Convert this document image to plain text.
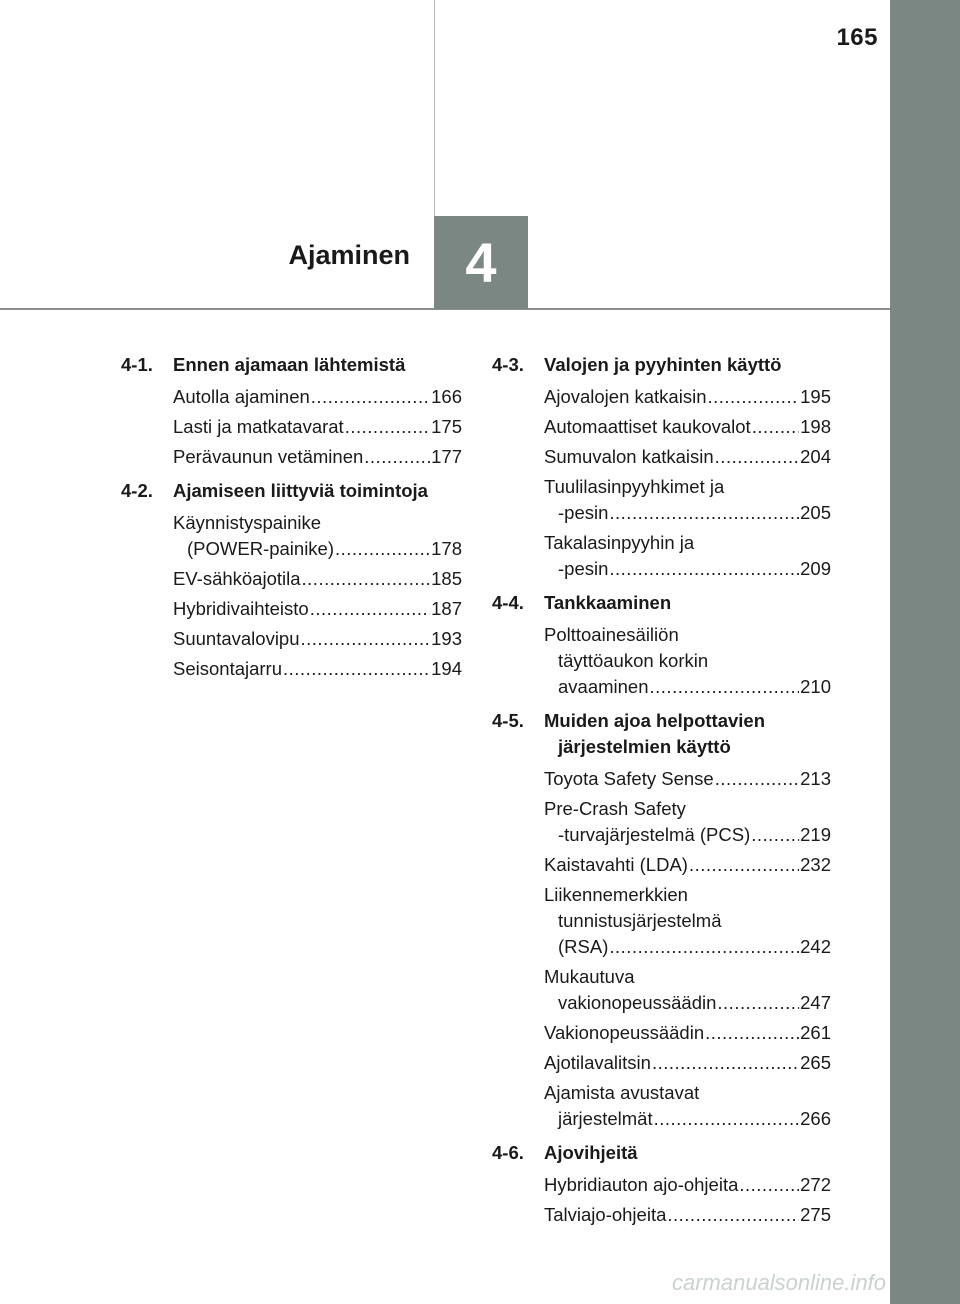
165
4
Ajaminen
4-1.	Ennen ajamaan lähtemistä
Autolla ajaminen .....	166
Lasti ja matkatavarat .....	175
Perävaunun vetäminen .....	177
4-2.	Ajamiseen liittyviä toimintoja
Käynnistyspainike
(POWER-painike) .....	178
EV-sähköajotila .....	185
Hybridivaihteisto .....	187
Suuntavalovipu .....	193
Seisontajarru .....	194
4-3.	Valojen ja pyyhinten käyttö
Ajovalojen katkaisin .....	195
Automaattiset kaukovalot .....	198
Sumuvalon katkaisin .....	204
Tuulilasinpyyhkimet ja
-pesin .....	205
Takalasinpyyhin ja
-pesin .....	209
4-4.	Tankkaaminen
Polttoainesäiliön
täyttöaukon korkin
avaaminen .....	210
4-5.	Muiden ajoa helpottavien järjestelmien käyttö
Toyota Safety Sense .....	213
Pre-Crash Safety
-turvajärjestelmä (PCS) .....	219
Kaistavahti (LDA) .....	232
Liikennemerkkien
tunnistusjärjestelmä
(RSA) .....	242
Mukautuva
vakionopeussäädin .....	247
Vakionopeussäädin .....	261
Ajotilavalitsin .....	265
Ajamista avustavat
järjestelmät .....	266
4-6.	Ajovihjeitä
Hybridiauton ajo-ohjeita .....	272
Talviajo-ohjeita .....	275
carmanualsonline.info
